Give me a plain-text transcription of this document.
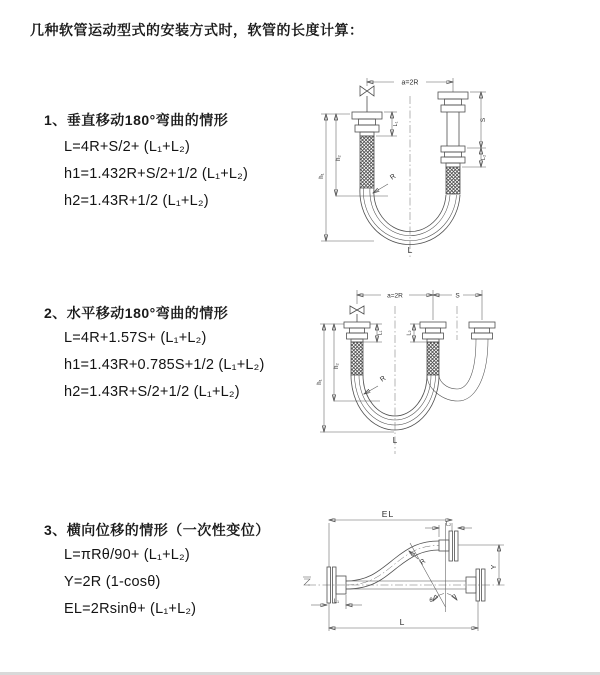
几种软管运动型式的安装方式时，软管的长度计算：
1、垂直移动180°弯曲的情形
L=4R+S/2+ (L₁+L₂)
h1=1.432R+S/2+1/2 (L₁+L₂)
h2=1.43R+1/2 (L₁+L₂)
2、水平移动180°弯曲的情形
L=4R+1.57S+ (L₁+L₂)
h1=1.43R+0.785S+1/2 (L₁+L₂)
h2=1.43R+S/2+1/2 (L₁+L₂)
3、横向位移的情形（一次性变位）
L=πRθ/90+ (L₁+L₂)
Y=2R (1-cosθ)
EL=2Rsinθ+ (L₁+L₂)
a=2R
L₁
S
L₂
h₁
h₂
R
L
a=2R	S
L₁	L₂
h₁
h₂
R
L
EL
L₂
R
θ
Y
L₁
L
